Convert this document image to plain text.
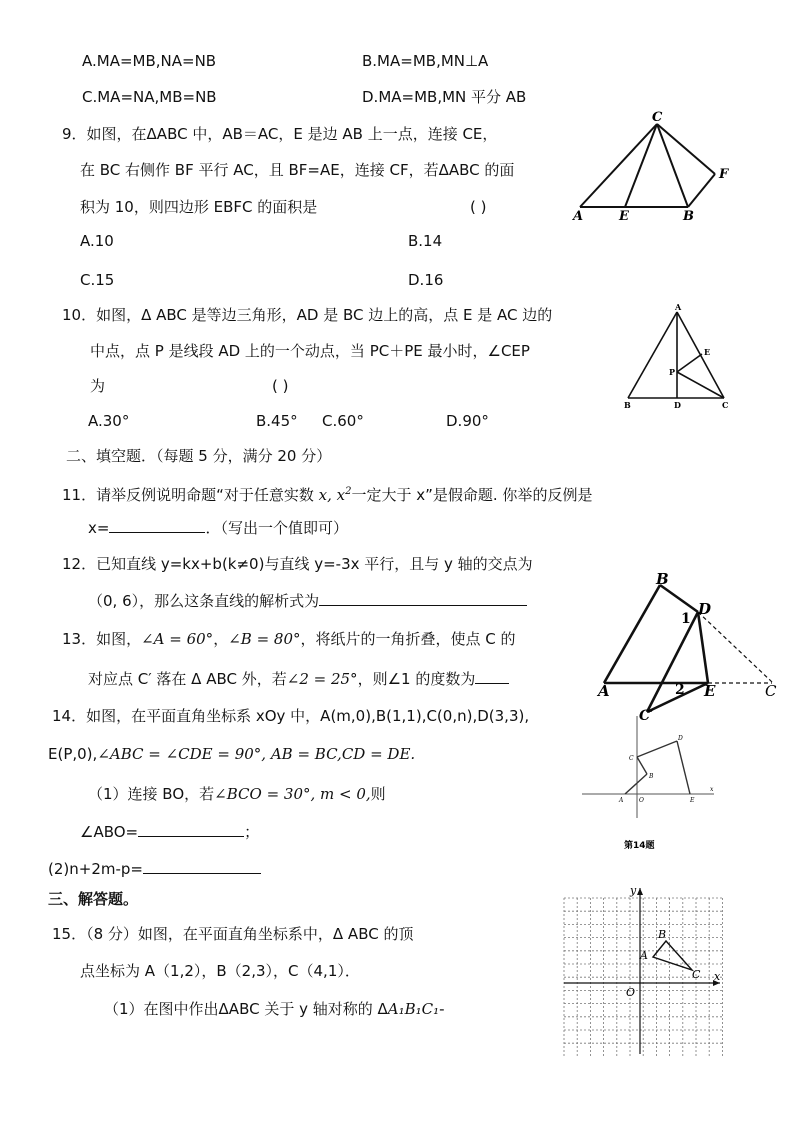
A.MA=MB,NA=NB	B.MA=MB,MN⊥A
C.MA=NA,MB=NB	D.MA=MB,MN 平分 AB
9．如图，在ΔABC 中，AB＝AC，E 是边 AB 上一点，连接 CE，
在 BC 右侧作 BF 平行 AC，且 BF=AE，连接 CF，若ΔABC 的面
积为 10，则四边形 EBFC 的面积是	( )
A.10	B.14
C.15	D.16
C
F
A	E	B
10．如图，Δ ABC 是等边三角形，AD 是 BC 边上的高，点 E 是 AC 边的
中点，点 P 是线段 AD 上的一个动点，当 PC＋PE 最小时，∠CEP
为	( )
A.30°	B.45° C.60°	D.90°
A
E
P
B	D	C
二、填空题．（每题 5 分，满分 20 分）
11．请举反例说明命题“对于任意实数 x, $x^2$一定大于 x”是假命题. 你举的反例是
x=	．（写出一个值即可）
12．已知直线 y=kx+b(k≠0)与直线 y=-3x 平行，且与 y 轴的交点为
（0, 6），那么这条直线的解析式为
13．如图，∠A = 60°，∠B = 80°，将纸片的一角折叠，使点 C 的
对应点 C′ 落在 Δ ABC 外，若∠2 = 25°，则∠1 的度数为
B
D
1
A	2 E	C
C′
14．如图，在平面直角坐标系 xOy 中，A(m,0),B(1,1),C(0,n),D(3,3),
E(P,0),∠ABC = ∠CDE = 90°, AB = BC,CD = DE.
（1）连接 BO，若∠BCO = 30°, m < 0,则
∠ABO=	；
(2)n+2m-p=
D
C
B
A	O	E
x
第14题
三、解答题。
15．（8 分）如图，在平面直角坐标系中，Δ ABC 的顶
点坐标为 A（1,2），B（2,3），C（4,1）．
（1）在图中作出ΔABC 关于 y 轴对称的 ΔA₁B₁C₁-
y
x
O
A
B
C
